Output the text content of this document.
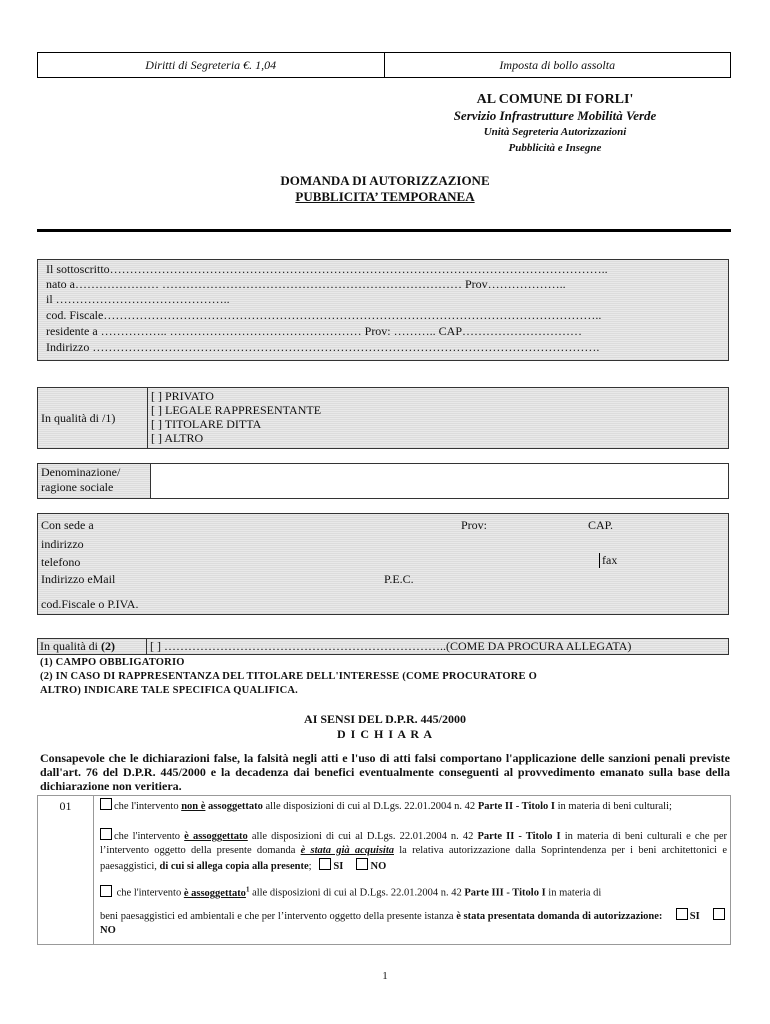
Diritti di Segreteria €. 1,04	Imposta di bollo assolta
AL COMUNE DI FORLI'
Servizio Infrastrutture Mobilità Verde
Unità Segreteria Autorizzazioni
Pubblicità e Insegne
DOMANDA DI AUTORIZZAZIONE
PUBBLICITA’ TEMPORANEA
Il sottoscritto……………………………………………………………………………………………………………..
nato a………………… ………………………………………………………………… Prov………………..
il ……………………………………..
cod. Fiscale……………………………………………………………………………………………………………..
residente a …………….. ………………………………………… Prov: ……….. CAP…………………………
Indirizzo ……………………………………………………………………………………………………………….
In qualità di /1)
[ ] PRIVATO
[ ] LEGALE RAPPRESENTANTE
[ ] TITOLARE DITTA
[ ] ALTRO
Denominazione/
ragione sociale
Con sede a	Prov:	CAP.
indirizzo
telefono	fax
Indirizzo eMail	P.E.C.
cod.Fiscale o P.IVA.
In qualità di (2)	[ ] ……………………………………………………………..(COME DA PROCURA ALLEGATA)
(1) CAMPO OBBLIGATORIO
(2) IN CASO DI RAPPRESENTANZA DEL TITOLARE DELL'INTERESSE (COME PROCURATORE O
ALTRO) INDICARE TALE SPECIFICA QUALIFICA.
AI SENSI DEL D.P.R. 445/2000
D I C H I A R A
Consapevole che le dichiarazioni false, la falsità negli atti e l'uso di atti falsi comportano l'applicazione delle sanzioni penali previste dall'art. 76 del D.P.R. 445/2000 e la decadenza dai benefici eventualmente conseguenti al provvedimento emanato sulla base della dichiarazione non veritiera.
01	che l'intervento non è assoggettato alle disposizioni di cui al D.Lgs. 22.01.2004 n. 42 Parte II - Titolo I in materia di beni culturali;
che l'intervento è assoggettato alle disposizioni di cui al D.Lgs. 22.01.2004 n. 42 Parte II - Titolo I in materia di beni culturali e che per l’intervento oggetto della presente domanda è stata già acquisita la relativa autorizzazione dalla Soprintendenza per i beni architettonici e paesaggistici, di cui si allega copia alla presente; SI	NO
che l'intervento è assoggettato$^1$ alle disposizioni di cui al D.Lgs. 22.01.2004 n. 42 Parte III - Titolo I in materia di
beni paesaggistici ed ambientali e che per l’intervento oggetto della presente istanza è stata presentata domanda di autorizzazione:	SI     NO
1
